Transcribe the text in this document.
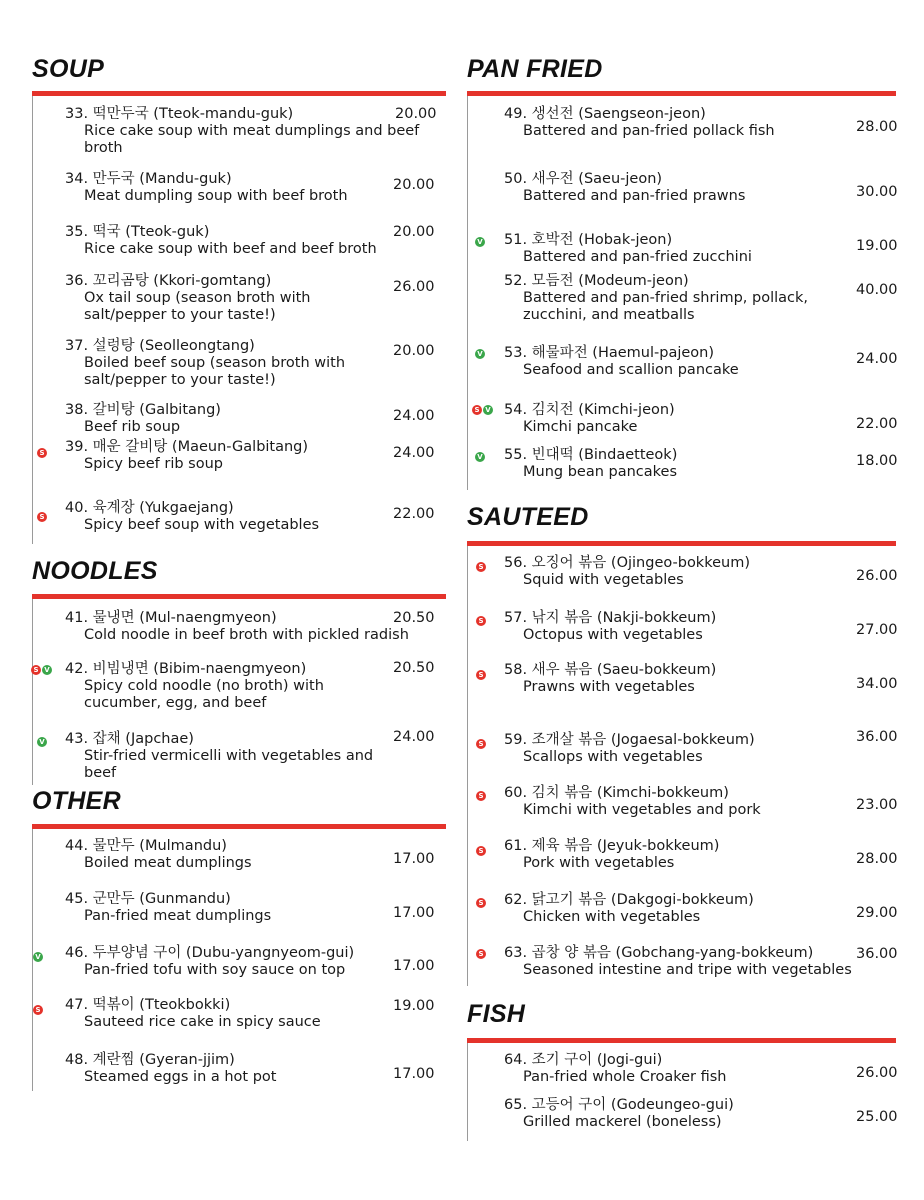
SOUP
NOODLES
OTHER
PAN FRIED
SAUTEED
FISH
33. 떡만두국 (Tteok-mandu-guk)
Rice cake soup with meat dumplings and beef broth
20.00
34. 만두국 (Mandu-guk)
Meat dumpling soup with beef broth
20.00
35. 떡국 (Tteok-guk)
Rice cake soup with beef and beef broth
20.00
36. 꼬리곰탕 (Kkori-gomtang)
Ox tail soup (season broth with salt/pepper to your taste!)
26.00
37. 설렁탕 (Seolleongtang)
Boiled beef soup (season broth with salt/pepper to your taste!)
20.00
38. 갈비탕 (Galbitang)
Beef rib soup
24.00
39. 매운 갈비탕 (Maeun-Galbitang)
Spicy beef rib soup
24.00
S
40. 육계장 (Yukgaejang)
Spicy beef soup with vegetables
22.00
S
41. 물냉면 (Mul-naengmyeon)
Cold noodle in beef broth with pickled radish
20.50
42. 비빔냉면 (Bibim-naengmyeon)
Spicy cold noodle (no broth) with cucumber, egg, and beef
20.50
S V
43. 잡채 (Japchae)
Stir-fried vermicelli with vegetables and beef
24.00
V
44. 물만두 (Mulmandu)
Boiled meat dumplings	17.00
45. 군만두 (Gunmandu)
Pan-fried meat dumplings	17.00
46. 두부양념 구이 (Dubu-yangnyeom-gui)
Pan-fried tofu with soy sauce on top	17.00
V
47. 떡볶이 (Tteokbokki)
Sauteed rice cake in spicy sauce
19.00
S
48. 계란찜 (Gyeran-jjim)
Steamed eggs in a hot pot	17.00
49. 생선전 (Saengseon-jeon)
Battered and pan-fried pollack fish	28.00
50. 새우전 (Saeu-jeon)
Battered and pan-fried prawns	30.00
51. 호박전 (Hobak-jeon)
Battered and pan-fried zucchini
19.00
V
52. 모듬전 (Modeum-jeon)
Battered and pan-fried shrimp, pollack, zucchini, and meatballs
40.00
53. 해물파전 (Haemul-pajeon)
Seafood and scallion pancake
24.00
V
54. 김치전 (Kimchi-jeon)
Kimchi pancake	22.00
S V
55. 빈대떡 (Bindaetteok)
Mung bean pancakes
18.00
V
56. 오징어 볶음 (Ojingeo-bokkeum)
Squid with vegetables	26.00
S
57. 낚지 볶음 (Nakji-bokkeum)
Octopus with vegetables	27.00
S
58. 새우 볶음 (Saeu-bokkeum)
Prawns with vegetables	34.00
S
59. 조개살 볶음 (Jogaesal-bokkeum)
Scallops with vegetables
36.00
S
60. 김치 볶음 (Kimchi-bokkeum)
Kimchi with vegetables and pork	23.00
S
61. 제육 볶음 (Jeyuk-bokkeum)
Pork with vegetables	28.00
S
62. 닭고기 볶음 (Dakgogi-bokkeum)
Chicken with vegetables	29.00
S
63. 곱창 양 볶음 (Gobchang-yang-bokkeum)
Seasoned intestine and tripe with vegetables
36.00
S
64. 조기 구이 (Jogi-gui)
Pan-fried whole Croaker fish	26.00
65. 고등어 구이 (Godeungeo-gui)
Grilled mackerel (boneless)	25.00
